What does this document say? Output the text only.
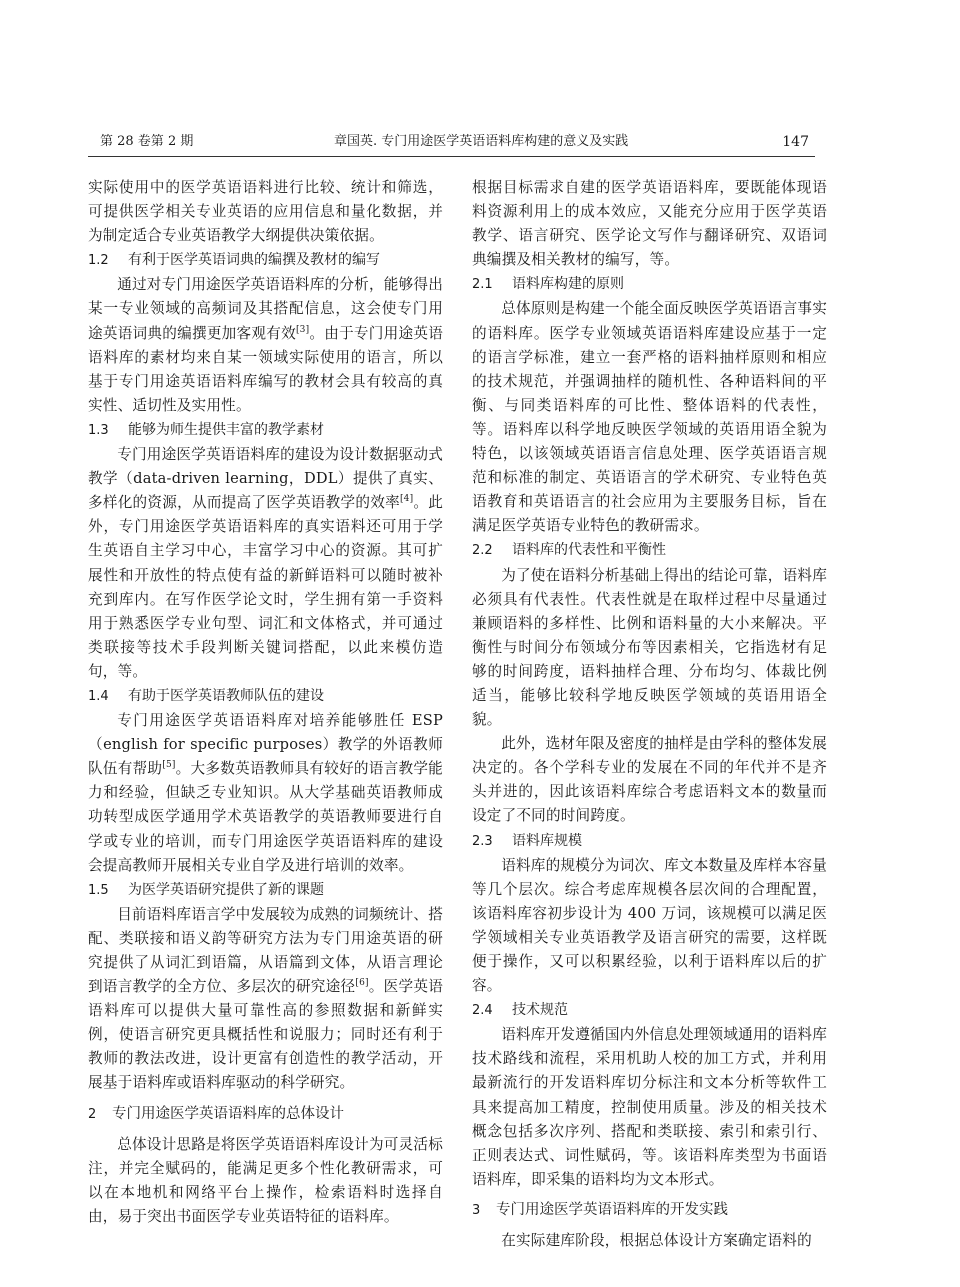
第 28 卷第 2 期	章国英. 专门用途医学英语语料库构建的意义及实践	147

实际使用中的医学英语语料进行比较、统计和筛选，可提供医学相关专业英语的应用信息和量化数据，并为制定适合专业英语教学大纲提供决策依据。

1.2 有利于医学英语词典的编撰及教材的编写

通过对专门用途医学英语语料库的分析，能够得出某一专业领域的高频词及其搭配信息，这会使专门用途英语词典的编撰更加客观有效[3]。由于专门用途英语语料库的素材均来自某一领域实际使用的语言，所以基于专门用途英语语料库编写的教材会具有较高的真实性、适切性及实用性。

1.3 能够为师生提供丰富的教学素材

专门用途医学英语语料库的建设为设计数据驱动式教学（data-driven learning，DDL）提供了真实、多样化的资源，从而提高了医学英语教学的效率[4]。此外，专门用途医学英语语料库的真实语料还可用于学生英语自主学习中心，丰富学习中心的资源。其可扩展性和开放性的特点使有益的新鲜语料可以随时被补充到库内。在写作医学论文时，学生拥有第一手资料用于熟悉医学专业句型、词汇和文体格式，并可通过类联接等技术手段判断关键词搭配，以此来模仿造句，等。

1.4 有助于医学英语教师队伍的建设

专门用途医学英语语料库对培养能够胜任 ESP（english for specific purposes）教学的外语教师队伍有帮助[5]。大多数英语教师具有较好的语言教学能力和经验，但缺乏专业知识。从大学基础英语教师成功转型成医学通用学术英语教学的英语教师要进行自学或专业的培训，而专门用途医学英语语料库的建设会提高教师开展相关专业自学及进行培训的效率。

1.5 为医学英语研究提供了新的课题

目前语料库语言学中发展较为成熟的词频统计、搭配、类联接和语义韵等研究方法为专门用途英语的研究提供了从词汇到语篇，从语篇到文体，从语言理论到语言教学的全方位、多层次的研究途径[6]。医学英语语料库可以提供大量可靠性高的参照数据和新鲜实例，使语言研究更具概括性和说服力；同时还有利于教师的教法改进，设计更富有创造性的教学活动，开展基于语料库或语料库驱动的科学研究。

2 专门用途医学英语语料库的总体设计

总体设计思路是将医学英语语料库设计为可灵活标注，并完全赋码的，能满足更多个性化教研需求，可以在本地机和网络平台上操作，检索语料时选择自由，易于突出书面医学专业英语特征的语料库。

根据目标需求自建的医学英语语料库，要既能体现语料资源利用上的成本效应，又能充分应用于医学英语教学、语言研究、医学论文写作与翻译研究、双语词典编撰及相关教材的编写，等。

2.1 语料库构建的原则

总体原则是构建一个能全面反映医学英语语言事实的语料库。医学专业领域英语语料库建设应基于一定的语言学标准，建立一套严格的语料抽样原则和相应的技术规范，并强调抽样的随机性、各种语料间的平衡、与同类语料库的可比性、整体语料的代表性，等。语料库以科学地反映医学领域的英语用语全貌为特色，以该领域英语语言信息处理、医学英语语言规范和标准的制定、英语语言的学术研究、专业特色英语教育和英语语言的社会应用为主要服务目标，旨在满足医学英语专业特色的教研需求。

2.2 语料库的代表性和平衡性

为了使在语料分析基础上得出的结论可靠，语料库必须具有代表性。代表性就是在取样过程中尽量通过兼顾语料的多样性、比例和语料量的大小来解决。平衡性与时间分布领域分布等因素相关，它指选材有足够的时间跨度，语料抽样合理、分布均匀、体裁比例适当，能够比较科学地反映医学领域的英语用语全貌。

此外，选材年限及密度的抽样是由学科的整体发展决定的。各个学科专业的发展在不同的年代并不是齐头并进的，因此该语料库综合考虑语料文本的数量而设定了不同的时间跨度。

2.3 语料库规模

语料库的规模分为词次、库文本数量及库样本容量等几个层次。综合考虑库规模各层次间的合理配置，该语料库容初步设计为 400 万词，该规模可以满足医学领域相关专业英语教学及语言研究的需要，这样既便于操作，又可以积累经验，以利于语料库以后的扩容。

2.4 技术规范

语料库开发遵循国内外信息处理领域通用的语料库技术路线和流程，采用机助人校的加工方式，并利用最新流行的开发语料库切分标注和文本分析等软件工具来提高加工精度，控制使用质量。涉及的相关技术概念包括多次序列、搭配和类联接、索引和索引行、正则表达式、词性赋码，等。该语料库类型为书面语语料库，即采集的语料均为文本形式。

3 专门用途医学英语语料库的开发实践

在实际建库阶段，根据总体设计方案确定语料的
